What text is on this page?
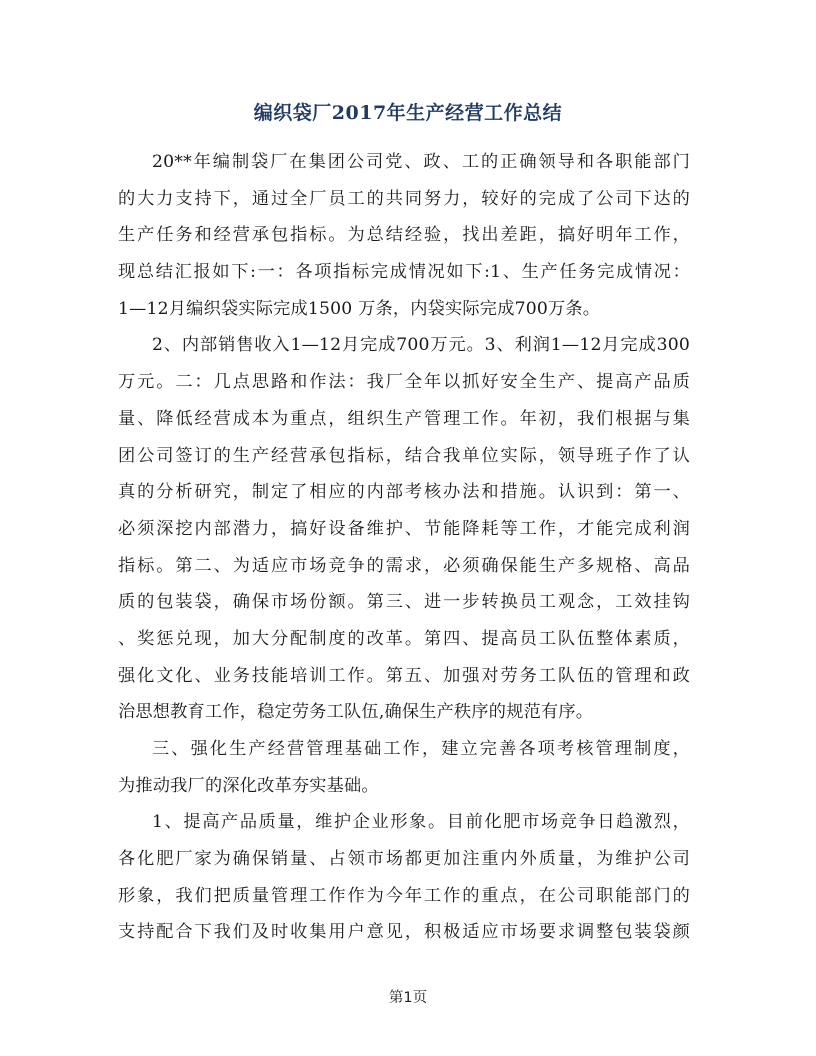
编织袋厂2017年生产经营工作总结
20**年编制袋厂在集团公司党、政、工的正确领导和各职能部门
的大力支持下，通过全厂员工的共同努力，较好的完成了公司下达的
生产任务和经营承包指标。为总结经验，找出差距，搞好明年工作，
现总结汇报如下:一：各项指标完成情况如下:1、生产任务完成情况：
1—12月编织袋实际完成1500 万条，内袋实际完成700万条。
2、内部销售收入1—12月完成700万元。3、利润1—12月完成300
万元。二：几点思路和作法：我厂全年以抓好安全生产、提高产品质
量、降低经营成本为重点，组织生产管理工作。年初，我们根据与集
团公司签订的生产经营承包指标，结合我单位实际，领导班子作了认
真的分析研究，制定了相应的内部考核办法和措施。认识到：第一、
必须深挖内部潜力，搞好设备维护、节能降耗等工作，才能完成利润
指标。第二、为适应市场竞争的需求，必须确保能生产多规格、高品
质的包装袋，确保市场份额。第三、进一步转换员工观念，工效挂钩
、奖惩兑现，加大分配制度的改革。第四、提高员工队伍整体素质，
强化文化、业务技能培训工作。第五、加强对劳务工队伍的管理和政
治思想教育工作，稳定劳务工队伍,确保生产秩序的规范有序。
三、强化生产经营管理基础工作，建立完善各项考核管理制度，
为推动我厂的深化改革夯实基础。
1、提高产品质量，维护企业形象。目前化肥市场竞争日趋激烈，
各化肥厂家为确保销量、占领市场都更加注重内外质量，为维护公司
形象，我们把质量管理工作作为今年工作的重点，在公司职能部门的
支持配合下我们及时收集用户意见，积极适应市场要求调整包装袋颜
第1页
